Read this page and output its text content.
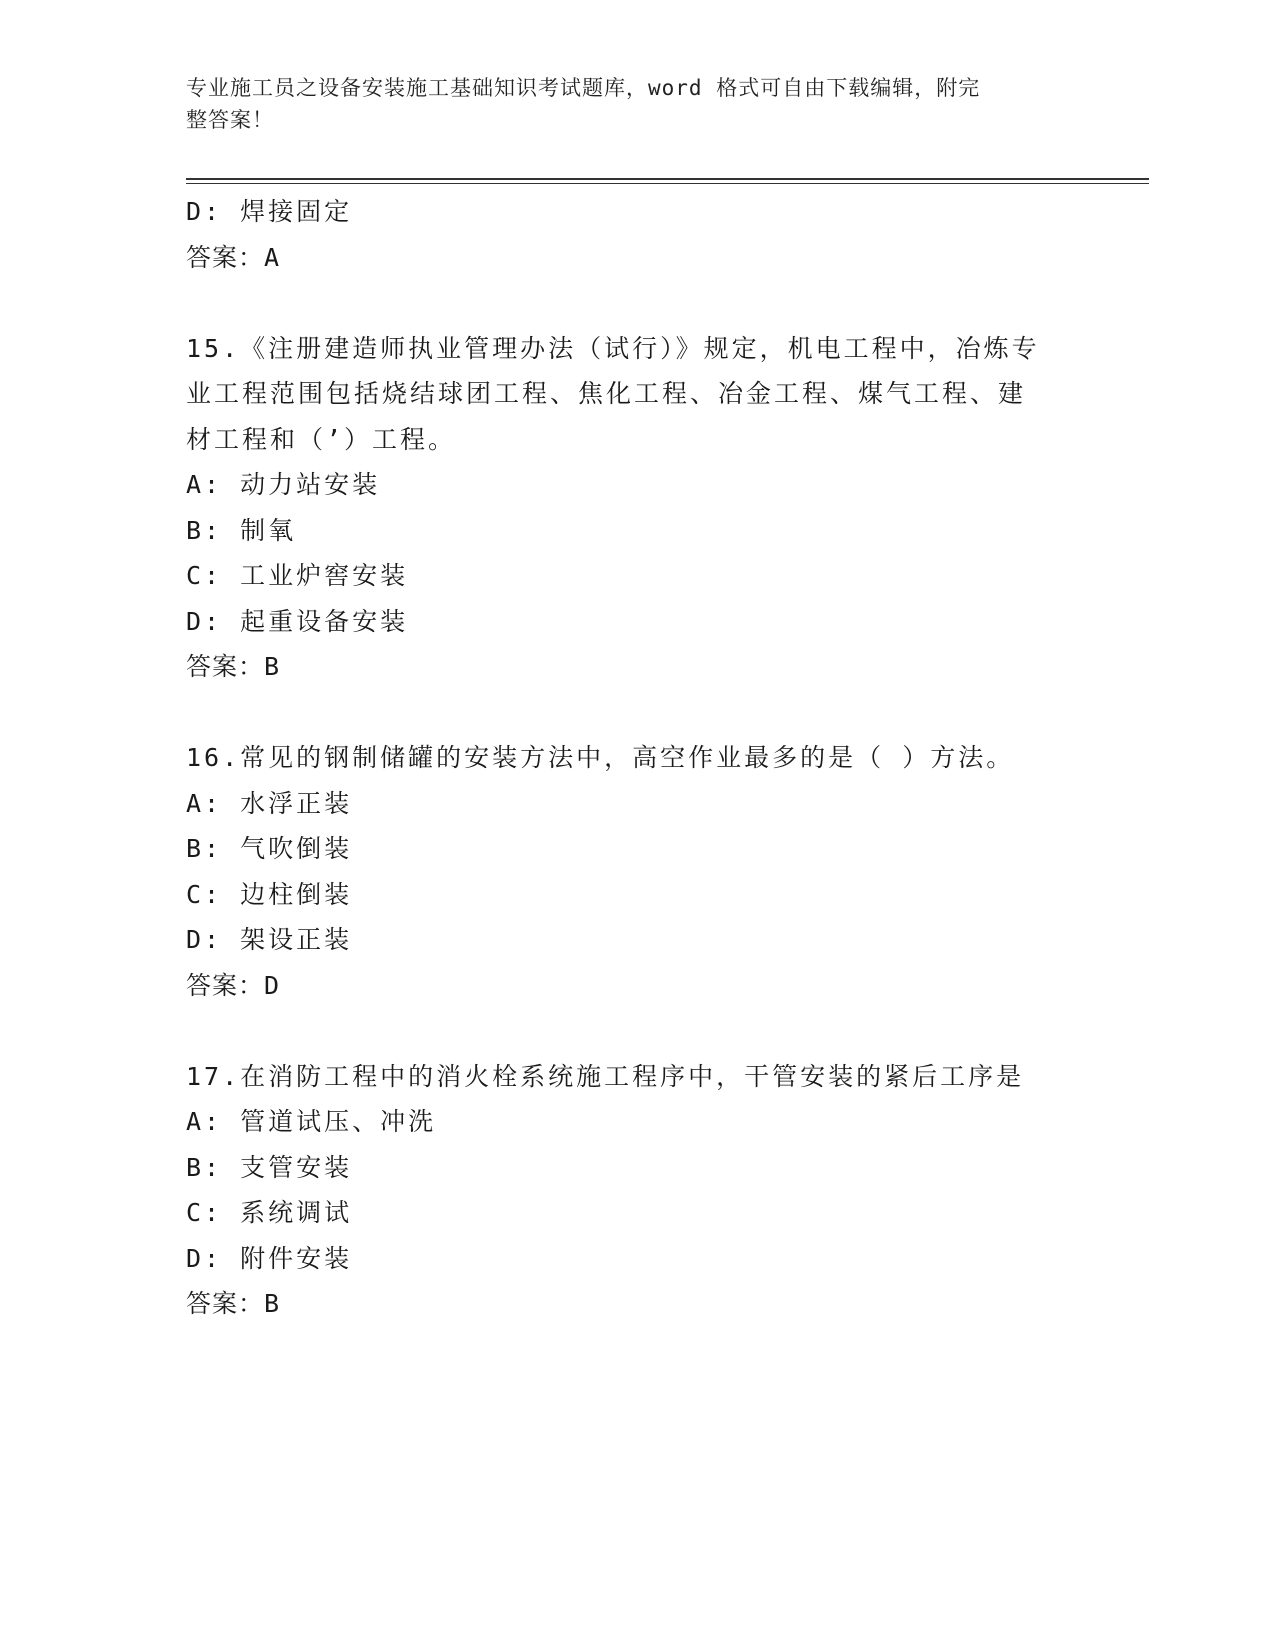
专业施工员之设备安装施工基础知识考试题库，word 格式可自由下载编辑，附完
整答案！
D: 焊接固定
答案：A
15.《注册建造师执业管理办法（试行）》规定，机电工程中，冶炼专
业工程范围包括烧结球团工程、焦化工程、冶金工程、煤气工程、建
材工程和（’）工程。
A: 动力站安装
B: 制氧
C: 工业炉窖安装
D: 起重设备安装
答案：B
16.常见的钢制储罐的安装方法中，高空作业最多的是（ ）方法。
A: 水浮正装
B: 气吹倒装
C: 边柱倒装
D: 架设正装
答案：D
17.在消防工程中的消火栓系统施工程序中，干管安装的紧后工序是
A: 管道试压、冲洗
B: 支管安装
C: 系统调试
D: 附件安装
答案：B
